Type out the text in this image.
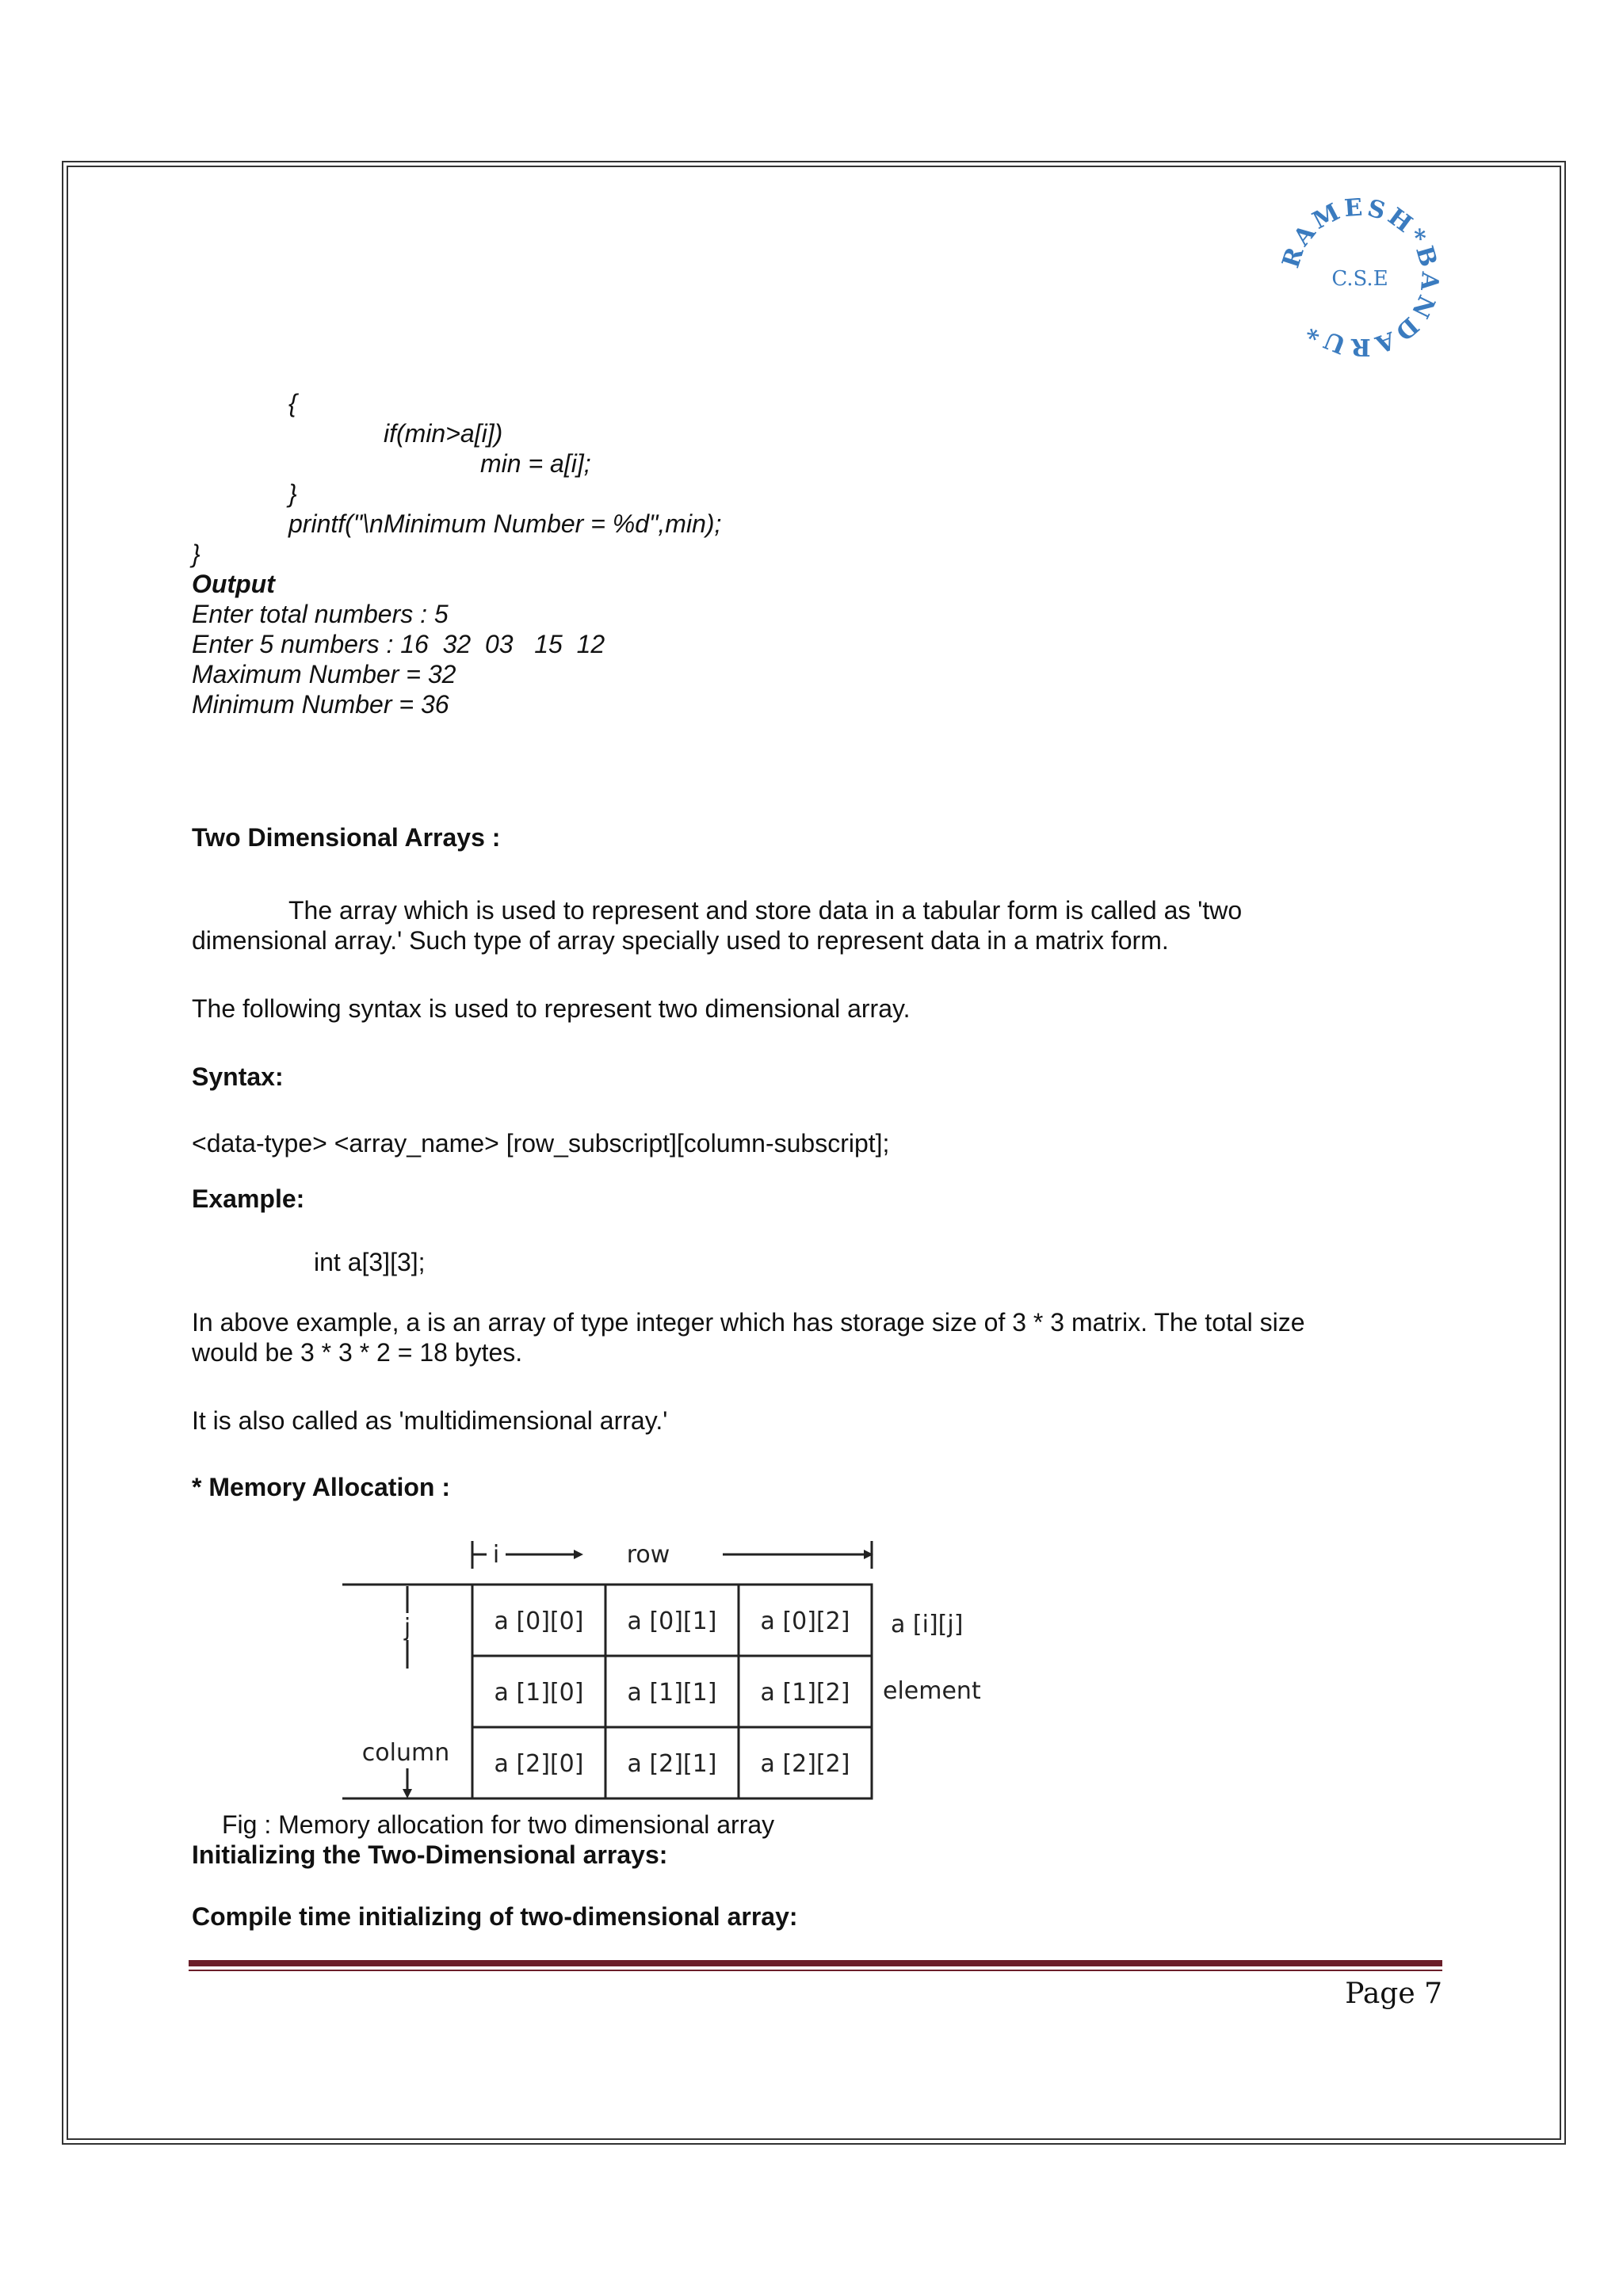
RAMESH*BANDARU*
C.S.E
{
if(min>a[i])
min = a[i];
}
printf("\nMinimum Number = %d",min);
}
Output
Enter total numbers : 5
Enter 5 numbers : 16  32  03   15  12
Maximum Number = 32
Minimum Number = 36
Two Dimensional Arrays :
The array which is used to represent and store data in a tabular form is called as 'two
dimensional array.' Such type of array specially used to represent data in a matrix form.
The following syntax is used to represent two dimensional array.
Syntax:
<data-type> <array_name> [row_subscript][column-subscript];
Example:
int a[3][3];
In above example, a is an array of type integer which has storage size of 3 * 3 matrix. The total size
would be 3 * 3 * 2 = 18 bytes.
It is also called as 'multidimensional array.'
* Memory Allocation :
i	row
j
column
a [0][0] a [0][1] a [0][2]
a [1][0] a [1][1] a [1][2]
a [2][0] a [2][1] a [2][2]
a [i][j]
element
Fig : Memory allocation for two dimensional array
Initializing the Two-Dimensional arrays:
Compile time initializing of two-dimensional array:
Page 7
